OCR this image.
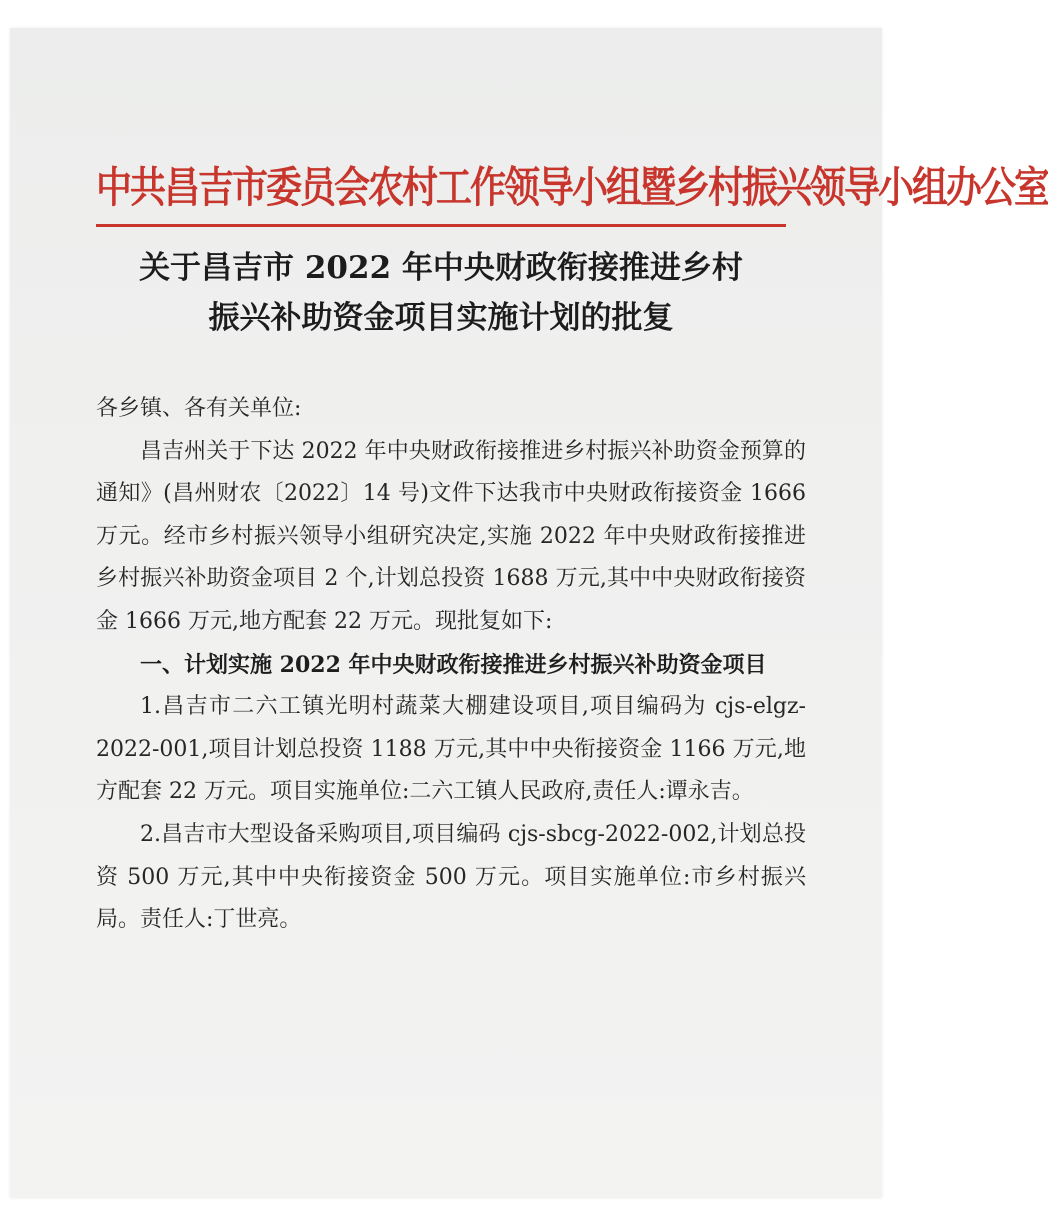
中共昌吉市委员会农村工作领导小组暨乡村振兴领导小组办公室
关于昌吉市 2022 年中央财政衔接推进乡村
振兴补助资金项目实施计划的批复

各乡镇、各有关单位:

昌吉州关于下达 2022 年中央财政衔接推进乡村振兴补助资金预算的通知》(昌州财农〔2022〕14 号)文件下达我市中央财政衔接资金 1666 万元。经市乡村振兴领导小组研究决定,实施 2022 年中央财政衔接推进乡村振兴补助资金项目 2 个,计划总投资 1688 万元,其中中央财政衔接资金 1666 万元,地方配套 22 万元。现批复如下:

一、计划实施 2022 年中央财政衔接推进乡村振兴补助资金项目

1.昌吉市二六工镇光明村蔬菜大棚建设项目,项目编码为 cjs-elgz-2022-001,项目计划总投资 1188 万元,其中中央衔接资金 1166 万元,地方配套 22 万元。项目实施单位:二六工镇人民政府,责任人:谭永吉。

2.昌吉市大型设备采购项目,项目编码 cjs-sbcg-2022-002,计划总投资 500 万元,其中中央衔接资金 500 万元。项目实施单位:市乡村振兴局。责任人:丁世亮。
